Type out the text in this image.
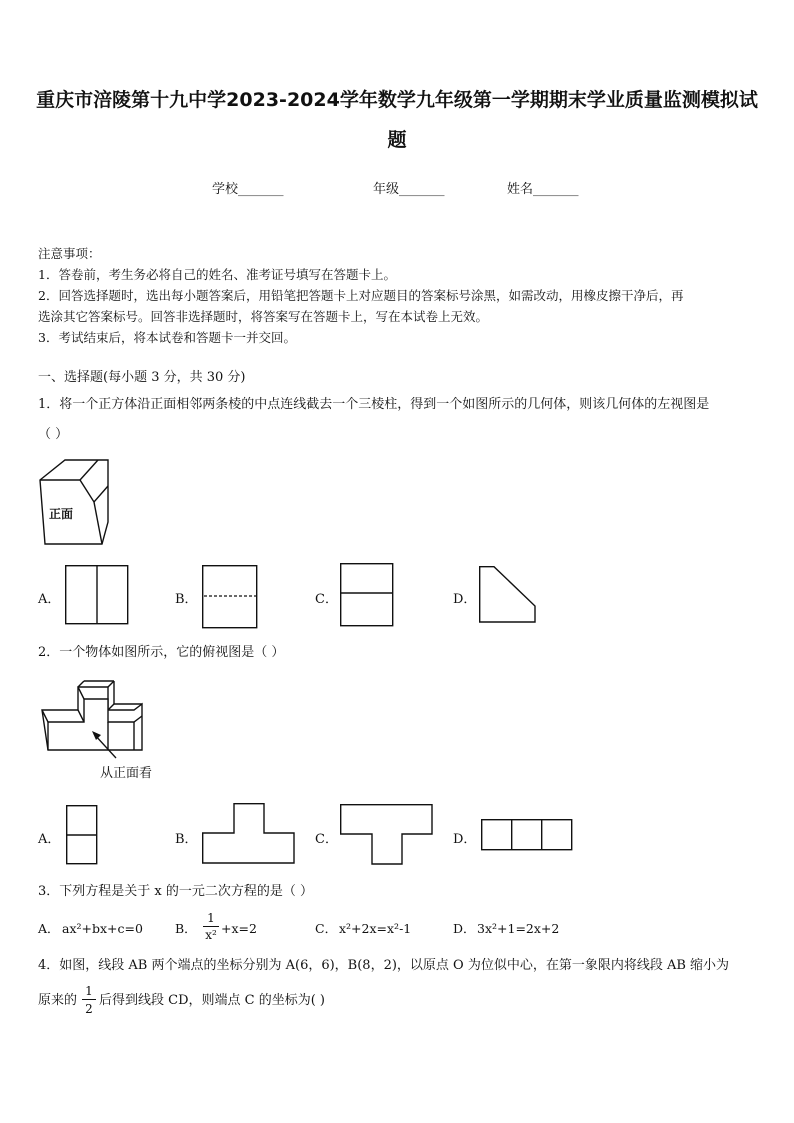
重庆市涪陵第十九中学2023-2024学年数学九年级第一学期期末学业质量监测模拟试
题
学校_______	年级_______	姓名_______
注意事项：
1．答卷前，考生务必将自己的姓名、准考证号填写在答题卡上。
2．回答选择题时，选出每小题答案后，用铅笔把答题卡上对应题目的答案标号涂黑，如需改动，用橡皮擦干净后，再
选涂其它答案标号。回答非选择题时，将答案写在答题卡上，写在本试卷上无效。
3．考试结束后，将本试卷和答题卡一并交回。
一、选择题(每小题 3 分，共 30 分)
1．将一个正方体沿正面相邻两条棱的中点连线截去一个三棱柱，得到一个如图所示的几何体，则该几何体的左视图是
（ ）
正面
A．	B．	C．	D．
2．一个物体如图所示，它的俯视图是（ ）
从正面看
A．	B．	C．	D．
3．下列方程是关于 x 的一元二次方程的是（ ）
A． ax²+bx+c=0	B．
1
x² +x=2	C． x²+2x=x²-1	D． 3x²+1=2x+2
4．如图，线段 AB 两个端点的坐标分别为 A(6，6)，B(8，2)，以原点 O 为位似中心，在第一象限内将线段 AB 缩小为
原来的
1
2
后得到线段 CD，则端点 C 的坐标为( )
